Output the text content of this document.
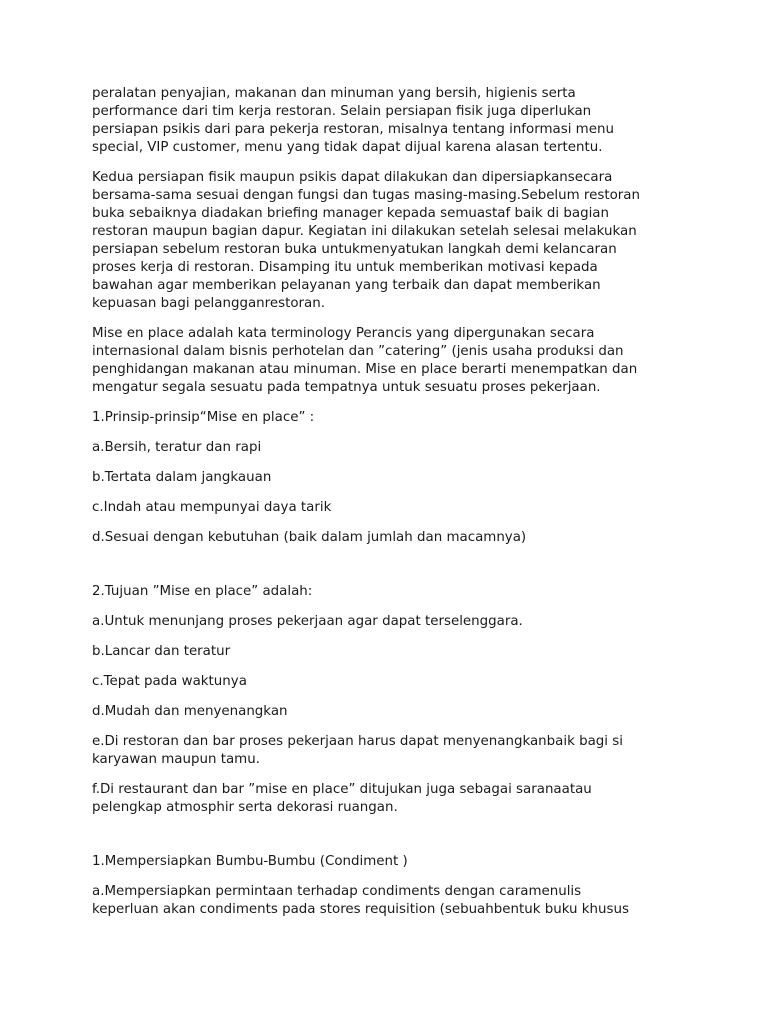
peralatan penyajian, makanan dan minuman yang bersih, higienis serta
performance dari tim kerja restoran. Selain persiapan fisik juga diperlukan
persiapan psikis dari para pekerja restoran, misalnya tentang informasi menu
special, VIP customer, menu yang tidak dapat dijual karena alasan tertentu.

Kedua persiapan fisik maupun psikis dapat dilakukan dan dipersiapkansecara
bersama-sama sesuai dengan fungsi dan tugas masing-masing.Sebelum restoran
buka sebaiknya diadakan briefing manager kepada semuastaf baik di bagian
restoran maupun bagian dapur. Kegiatan ini dilakukan setelah selesai melakukan
persiapan sebelum restoran buka untukmenyatukan langkah demi kelancaran
proses kerja di restoran. Disamping itu untuk memberikan motivasi kepada
bawahan agar memberikan pelayanan yang terbaik dan dapat memberikan
kepuasan bagi pelangganrestoran.

Mise en place adalah kata terminology Perancis yang dipergunakan secara
internasional dalam bisnis perhotelan dan ”catering” (jenis usaha produksi dan
penghidangan makanan atau minuman. Mise en place berarti menempatkan dan
mengatur segala sesuatu pada tempatnya untuk sesuatu proses pekerjaan.

1.Prinsip-prinsip“Mise en place” :

a.Bersih, teratur dan rapi

b.Tertata dalam jangkauan

c.Indah atau mempunyai daya tarik

d.Sesuai dengan kebutuhan (baik dalam jumlah dan macamnya)

2.Tujuan ”Mise en place” adalah:

a.Untuk menunjang proses pekerjaan agar dapat terselenggara.

b.Lancar dan teratur

c.Tepat pada waktunya

d.Mudah dan menyenangkan

e.Di restoran dan bar proses pekerjaan harus dapat menyenangkanbaik bagi si
karyawan maupun tamu.

f.Di restaurant dan bar ”mise en place” ditujukan juga sebagai saranaatau
pelengkap atmosphir serta dekorasi ruangan.

1.Mempersiapkan Bumbu-Bumbu (Condiment )

a.Mempersiapkan permintaan terhadap condiments dengan caramenulis
keperluan akan condiments pada stores requisition (sebuahbentuk buku khusus
